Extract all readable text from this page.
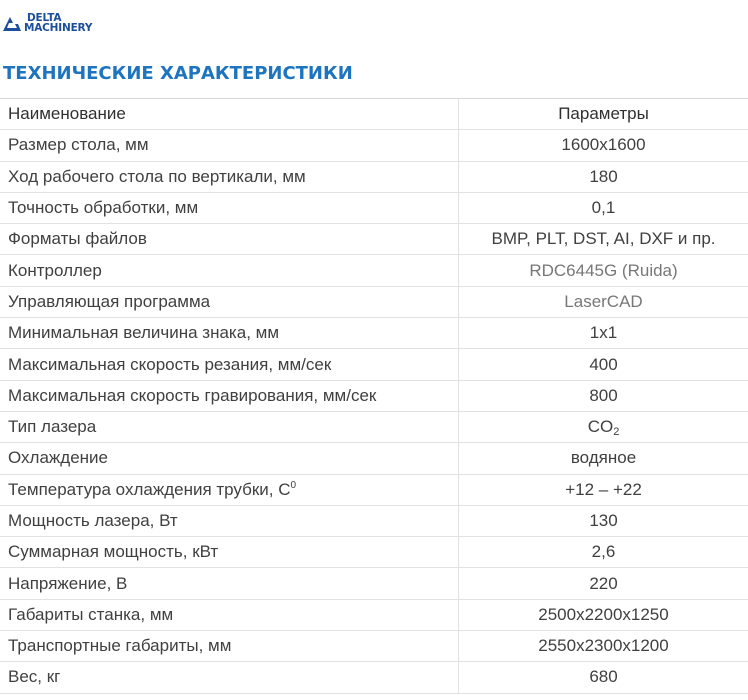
DELTA
MACHINERY
ТЕХНИЧЕСКИЕ ХАРАКТЕРИСТИКИ
Наименование	Параметры
Размер стола, мм	1600х1600
Ход рабочего стола по вертикали, мм	180
Точность обработки, мм	0,1
Форматы файлов	BMP, PLT, DST, AI, DXF и пр.
Контроллер	RDC6445G (Ruida)
Управляющая программа	LaserCAD
Минимальная величина знака, мм	1х1
Максимальная скорость резания, мм/сек	400
Максимальная скорость гравирования, мм/сек	800
Тип лазера	$CO_2$
Охлаждение	водяное
Температура охлаждения трубки, $С^0$	+12 – +22
Мощность лазера, Вт	130
Суммарная мощность, кВт	2,6
Напряжение, В	220
Габариты станка, мм	2500х2200х1250
Транспортные габариты, мм	2550х2300х1200
Вес, кг	680
